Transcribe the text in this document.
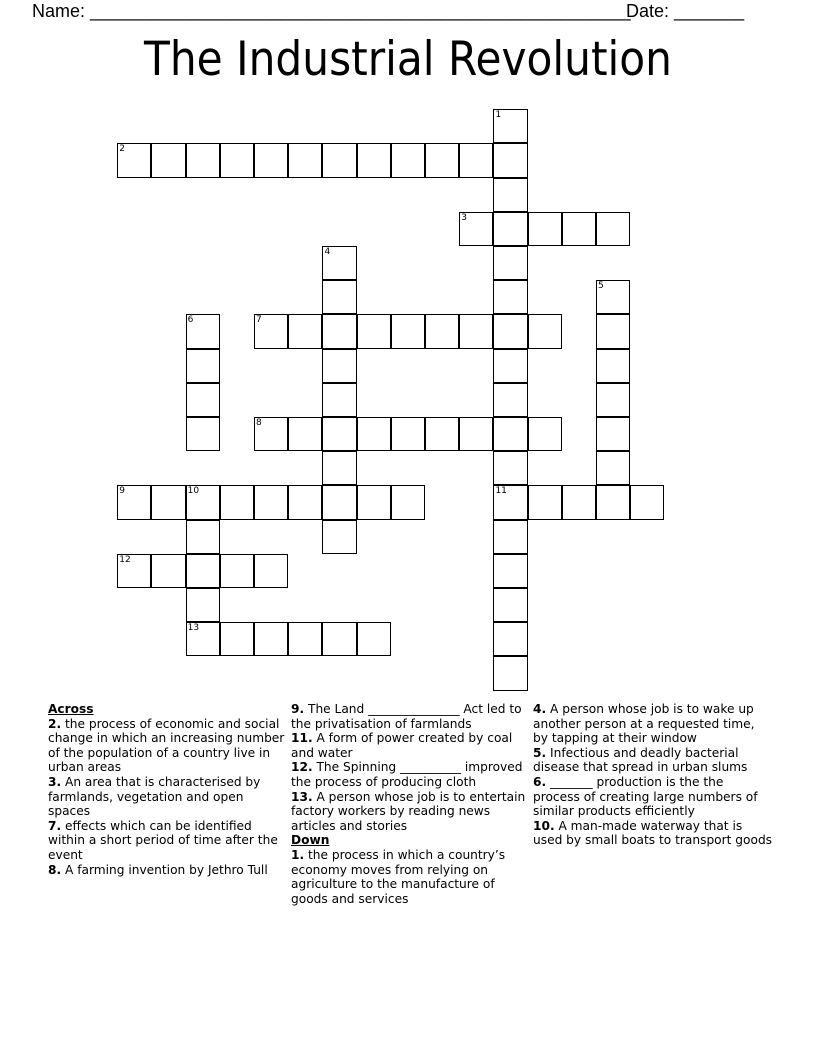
Name: ______________________________________________________
Date: _______
The Industrial Revolution
1
11
2
3
4
5
6	7
8
9	10
13
12
Across
2. the process of economic and social change in which an increasing number of the population of a country live in urban areas
3. An area that is characterised by farmlands, vegetation and open spaces
7. effects which can be identified within a short period of time after the event
8. A farming invention by Jethro Tull
9. The Land _______________ Act led to the privatisation of farmlands
11. A form of power created by coal and water
12. The Spinning __________ improved the process of producing cloth
13. A person whose job is to entertain factory workers by reading news articles and stories
Down
1. the process in which a country’s economy moves from relying on agriculture to the manufacture of goods and services
4. A person whose job is to wake up another person at a requested time, by tapping at their window
5. Infectious and deadly bacterial disease that spread in urban slums
6. _______ production is the the process of creating large numbers of similar products efficiently
10. A man-made waterway that is used by small boats to transport goods
